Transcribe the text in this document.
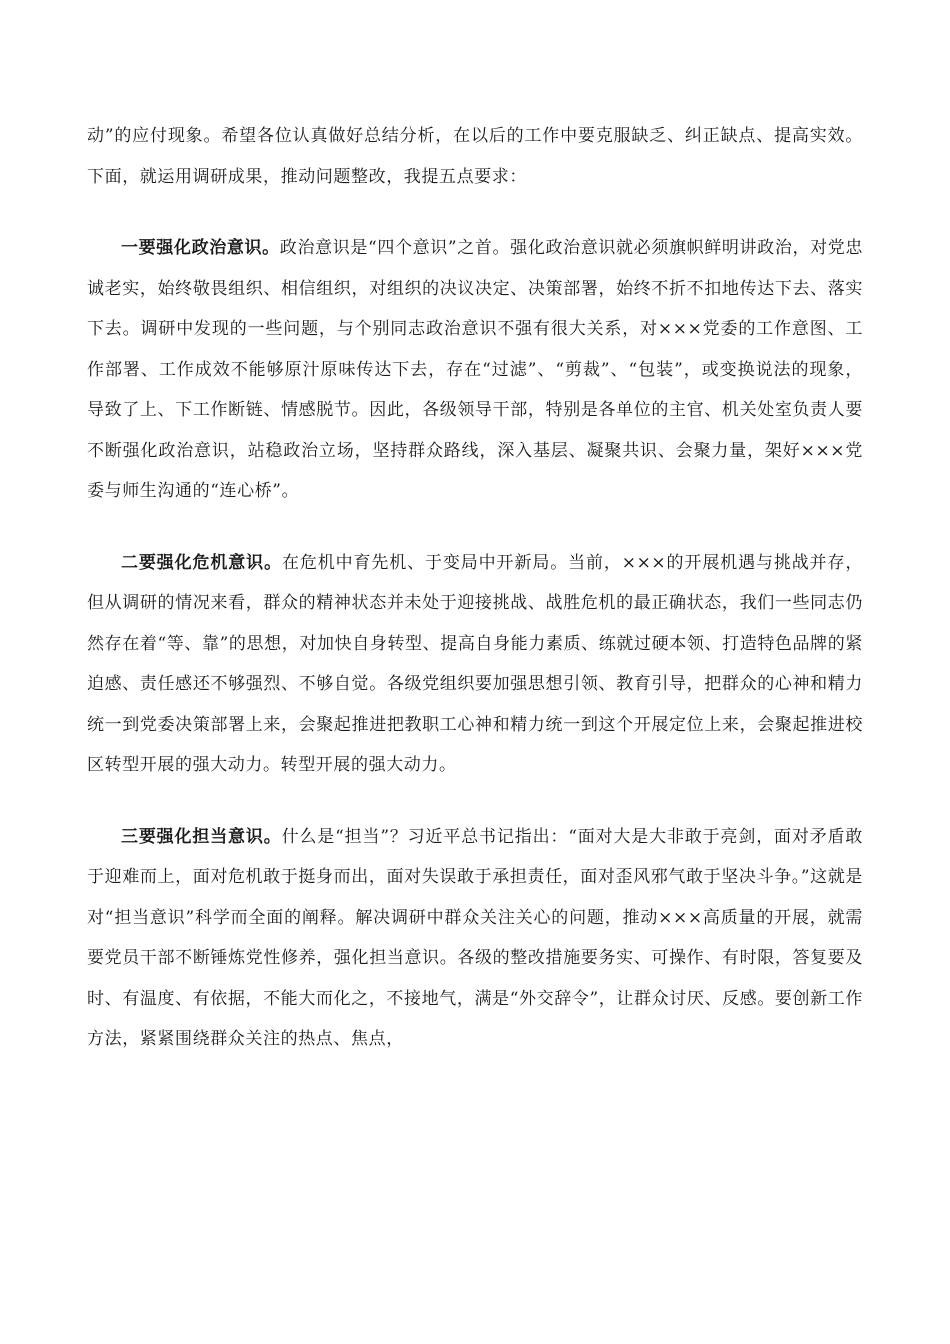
动”的应付现象。希望各位认真做好总结分析，在以后的工作中要克服缺乏、纠正缺点、提高实效。下面，就运用调研成果，推动问题整改，我提五点要求：

一要强化政治意识。政治意识是“四个意识”之首。强化政治意识就必须旗帜鲜明讲政治，对党忠诚老实，始终敬畏组织、相信组织，对组织的决议决定、决策部署，始终不折不扣地传达下去、落实下去。调研中发现的一些问题，与个别同志政治意识不强有很大关系，对×××党委的工作意图、工作部署、工作成效不能够原汁原味传达下去，存在“过滤”、“剪裁”、“包装”，或变换说法的现象，导致了上、下工作断链、情感脱节。因此，各级领导干部，特别是各单位的主官、机关处室负责人要不断强化政治意识，站稳政治立场，坚持群众路线，深入基层、凝聚共识、会聚力量，架好×××党委与师生沟通的“连心桥”。

二要强化危机意识。在危机中育先机、于变局中开新局。当前，×××的开展机遇与挑战并存，但从调研的情况来看，群众的精神状态并未处于迎接挑战、战胜危机的最正确状态，我们一些同志仍然存在着“等、靠”的思想，对加快自身转型、提高自身能力素质、练就过硬本领、打造特色品牌的紧迫感、责任感还不够强烈、不够自觉。各级党组织要加强思想引领、教育引导，把群众的心神和精力统一到党委决策部署上来，会聚起推进把教职工心神和精力统一到这个开展定位上来，会聚起推进校区转型开展的强大动力。转型开展的强大动力。

三要强化担当意识。什么是“担当”？习近平总书记指出：“面对大是大非敢于亮剑，面对矛盾敢于迎难而上，面对危机敢于挺身而出，面对失误敢于承担责任，面对歪风邪气敢于坚决斗争。”这就是对“担当意识”科学而全面的阐释。解决调研中群众关注关心的问题，推动×××高质量的开展，就需要党员干部不断锤炼党性修养，强化担当意识。各级的整改措施要务实、可操作、有时限，答复要及时、有温度、有依据，不能大而化之，不接地气，满是“外交辞令”，让群众讨厌、反感。要创新工作方法，紧紧围绕群众关注的热点、焦点，
